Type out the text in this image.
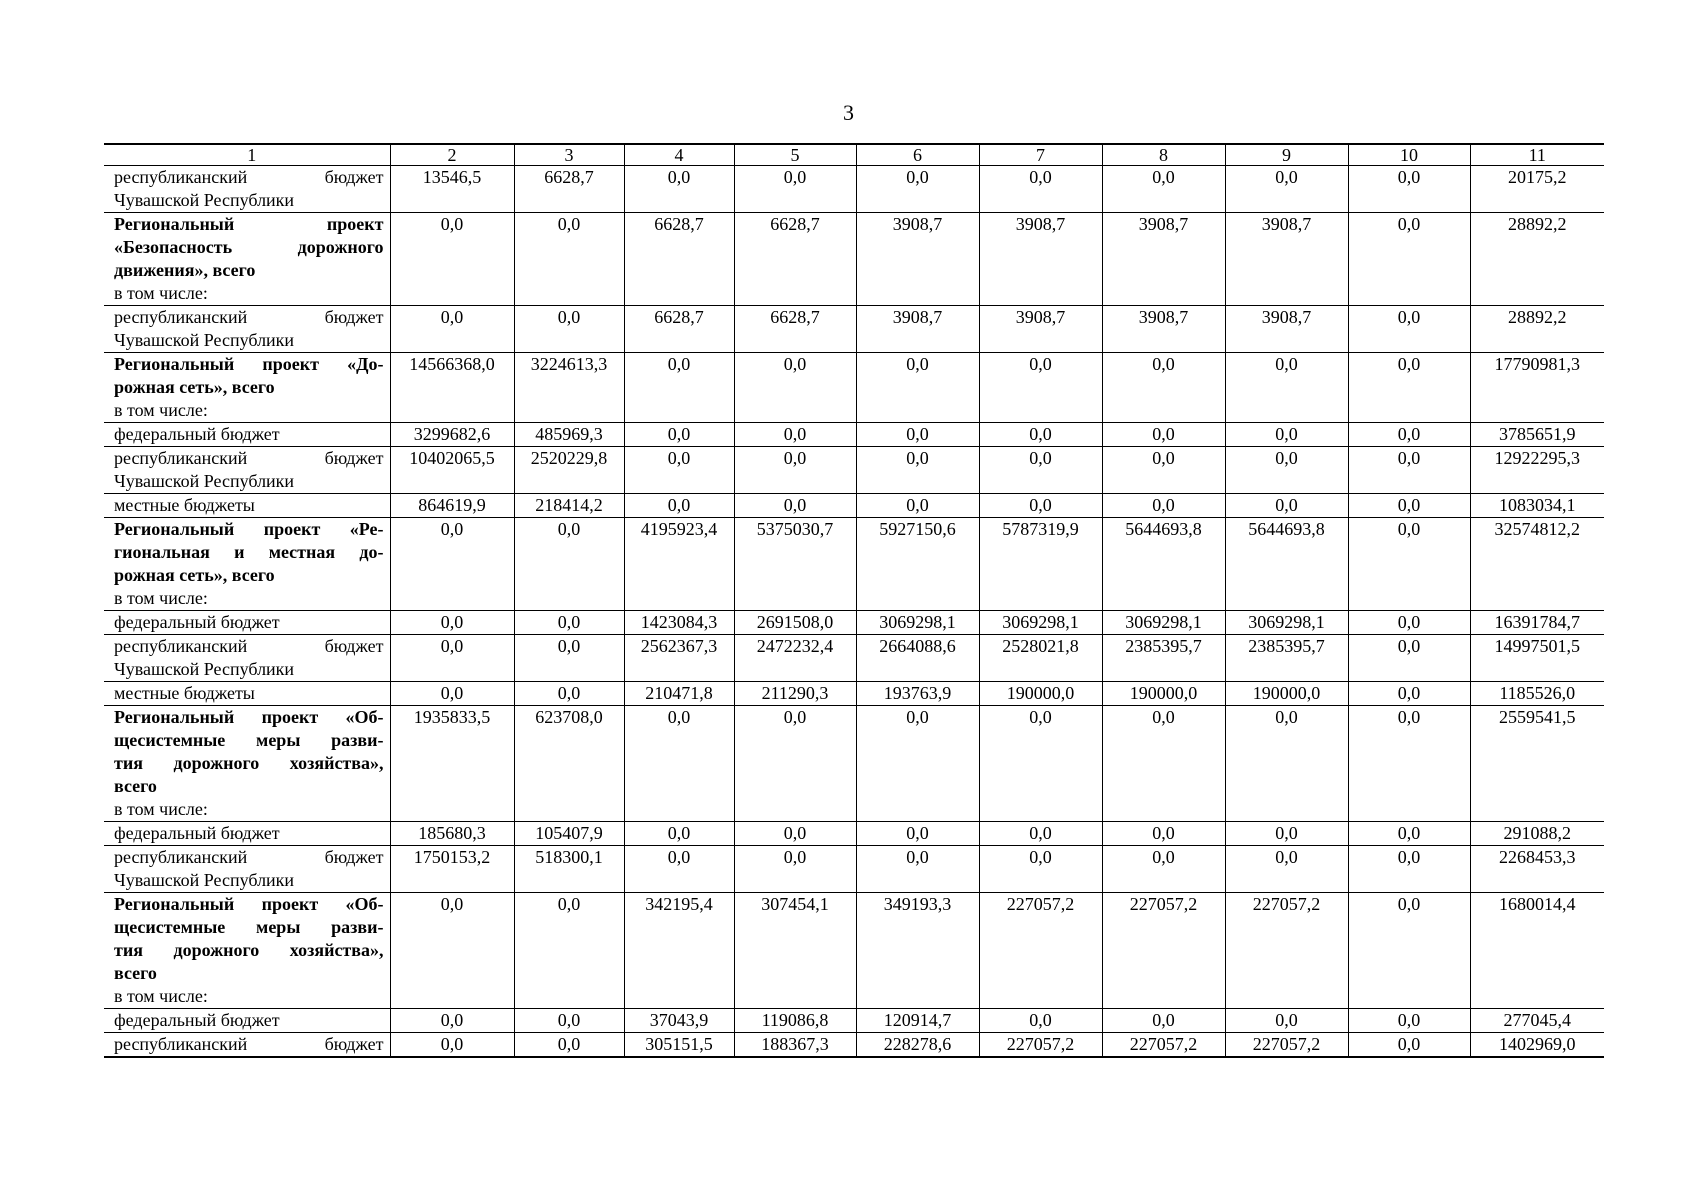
3
1	2	3	4	5	6	7	8	9	10	11

республиканский бюджет
Чувашской Республики	13546,5	6628,7	0,0	0,0	0,0	0,0	0,0	0,0	0,0	20175,2

Региональный проект
«Безопасность дорожного
движения», всего
в том числе:	0,0	0,0	6628,7	6628,7	3908,7	3908,7	3908,7	3908,7	0,0	28892,2

республиканский бюджет
Чувашской Республики	0,0	0,0	6628,7	6628,7	3908,7	3908,7	3908,7	3908,7	0,0	28892,2

Региональный проект «До-
рожная сеть», всего
в том числе:	14566368,0	3224613,3	0,0	0,0	0,0	0,0	0,0	0,0	0,0	17790981,3

федеральный бюджет	3299682,6	485969,3	0,0	0,0	0,0	0,0	0,0	0,0	0,0	3785651,9

республиканский бюджет
Чувашской Республики	10402065,5	2520229,8	0,0	0,0	0,0	0,0	0,0	0,0	0,0	12922295,3

местные бюджеты	864619,9	218414,2	0,0	0,0	0,0	0,0	0,0	0,0	0,0	1083034,1

Региональный проект «Ре-
гиональная и местная до-
рожная сеть», всего
в том числе:	0,0	0,0	4195923,4	5375030,7	5927150,6	5787319,9	5644693,8	5644693,8	0,0	32574812,2

федеральный бюджет	0,0	0,0	1423084,3	2691508,0	3069298,1	3069298,1	3069298,1	3069298,1	0,0	16391784,7

республиканский бюджет
Чувашской Республики	0,0	0,0	2562367,3	2472232,4	2664088,6	2528021,8	2385395,7	2385395,7	0,0	14997501,5

местные бюджеты	0,0	0,0	210471,8	211290,3	193763,9	190000,0	190000,0	190000,0	0,0	1185526,0

Региональный проект «Об-
щесистемные меры разви-
тия дорожного хозяйства»,
всего
в том числе:	1935833,5	623708,0	0,0	0,0	0,0	0,0	0,0	0,0	0,0	2559541,5

федеральный бюджет	185680,3	105407,9	0,0	0,0	0,0	0,0	0,0	0,0	0,0	291088,2

республиканский бюджет
Чувашской Республики	1750153,2	518300,1	0,0	0,0	0,0	0,0	0,0	0,0	0,0	2268453,3

Региональный проект «Об-
щесистемные меры разви-
тия дорожного хозяйства»,
всего
в том числе:	0,0	0,0	342195,4	307454,1	349193,3	227057,2	227057,2	227057,2	0,0	1680014,4

федеральный бюджет	0,0	0,0	37043,9	119086,8	120914,7	0,0	0,0	0,0	0,0	277045,4

республиканский бюджет	0,0	0,0	305151,5	188367,3	228278,6	227057,2	227057,2	227057,2	0,0	1402969,0
